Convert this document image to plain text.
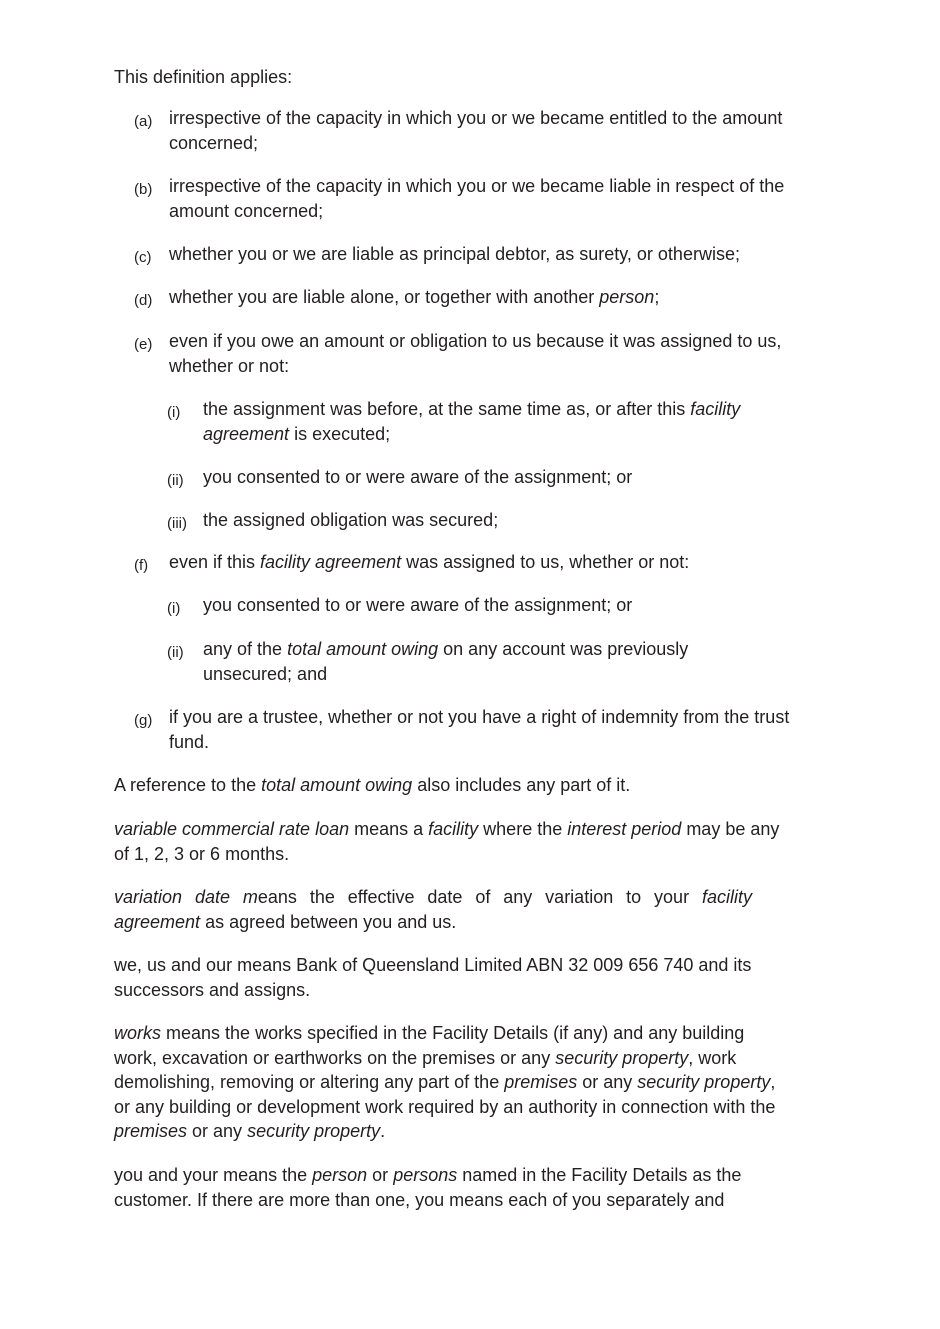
This definition applies:

(a) irrespective of the capacity in which you or we became entitled to the amount concerned;
(b) irrespective of the capacity in which you or we became liable in respect of the amount concerned;
(c) whether you or we are liable as principal debtor, as surety, or otherwise;
(d) whether you are liable alone, or together with another person;
(e) even if you owe an amount or obligation to us because it was assigned to us, whether or not:
(i) the assignment was before, at the same time as, or after this facility
agreement is executed;
(ii) you consented to or were aware of the assignment; or
(iii) the assigned obligation was secured;
(f) even if this facility agreement was assigned to us, whether or not:
(i) you consented to or were aware of the assignment; or
(ii) any of the total amount owing on any account was previously unsecured; and
(g) if you are a trustee, whether or not you have a right of indemnity from the trust fund.

A reference to the total amount owing also includes any part of it.

variable commercial rate loan means a facility where the interest period may be any of 1, 2, 3 or 6 months.

variation date means the effective date of any variation to your facility agreement as agreed between you and us.

we, us and our means Bank of Queensland Limited ABN 32 009 656 740 and its successors and assigns.

works means the works specified in the Facility Details (if any) and any building work, excavation or earthworks on the premises or any security property, work demolishing, removing or altering any part of the premises or any security property, or any building or development work required by an authority in connection with the premises or any security property.

you and your means the person or persons named in the Facility Details as the customer. If there are more than one, you means each of you separately and
